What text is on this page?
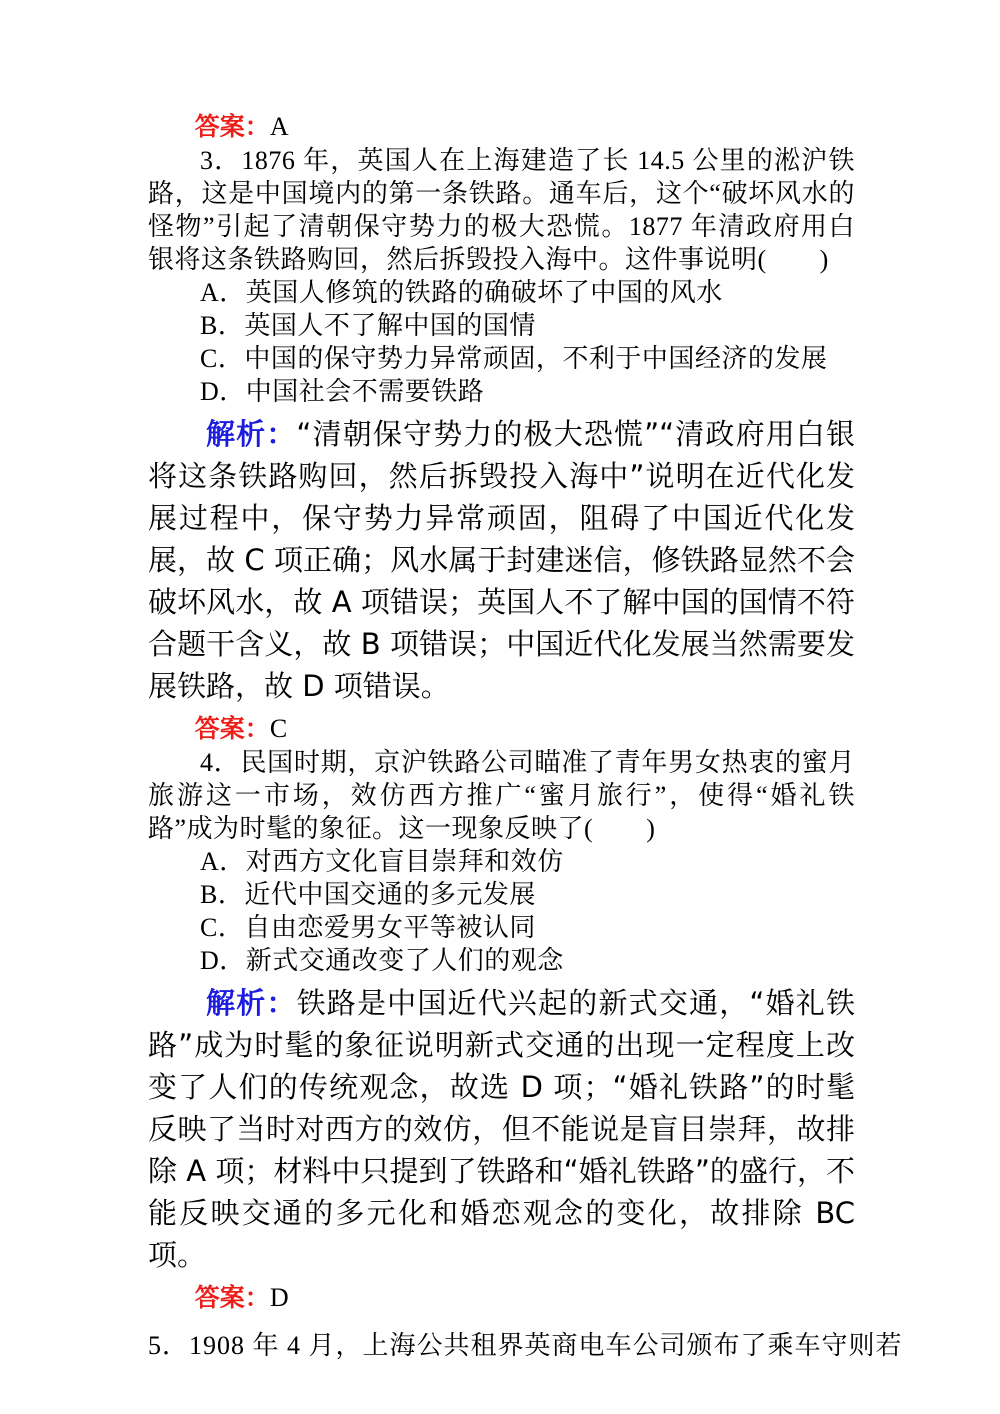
答案：A

3．1876 年，英国人在上海建造了长 14.5 公里的淞沪铁路，这是中国境内的第一条铁路。通车后，这个“破坏风水的怪物”引起了清朝保守势力的极大恐慌。1877 年清政府用白银将这条铁路购回，然后拆毁投入海中。这件事说明(　　)

A．英国人修筑的铁路的确破坏了中国的风水

B．英国人不了解中国的国情

C．中国的保守势力异常顽固，不利于中国经济的发展

D．中国社会不需要铁路

解析：“清朝保守势力的极大恐慌”“清政府用白银将这条铁路购回，然后拆毁投入海中”说明在近代化发展过程中，保守势力异常顽固，阻碍了中国近代化发展，故 C 项正确；风水属于封建迷信，修铁路显然不会破坏风水，故 A 项错误；英国人不了解中国的国情不符合题干含义，故 B 项错误；中国近代化发展当然需要发展铁路，故 D 项错误。

答案：C

4．民国时期，京沪铁路公司瞄准了青年男女热衷的蜜月旅游这一市场，效仿西方推广“蜜月旅行”，使得“婚礼铁路”成为时髦的象征。这一现象反映了(　　)

A．对西方文化盲目崇拜和效仿

B．近代中国交通的多元发展

C．自由恋爱男女平等被认同

D．新式交通改变了人们的观念

解析：铁路是中国近代兴起的新式交通，“婚礼铁路”成为时髦的象征说明新式交通的出现一定程度上改变了人们的传统观念，故选 D 项；“婚礼铁路”的时髦反映了当时对西方的效仿，但不能说是盲目崇拜，故排除 A 项；材料中只提到了铁路和“婚礼铁路”的盛行，不能反映交通的多元化和婚恋观念的变化，故排除 BC 项。

答案：D

5．1908 年 4 月，上海公共租界英商电车公司颁布了乘车守则若
